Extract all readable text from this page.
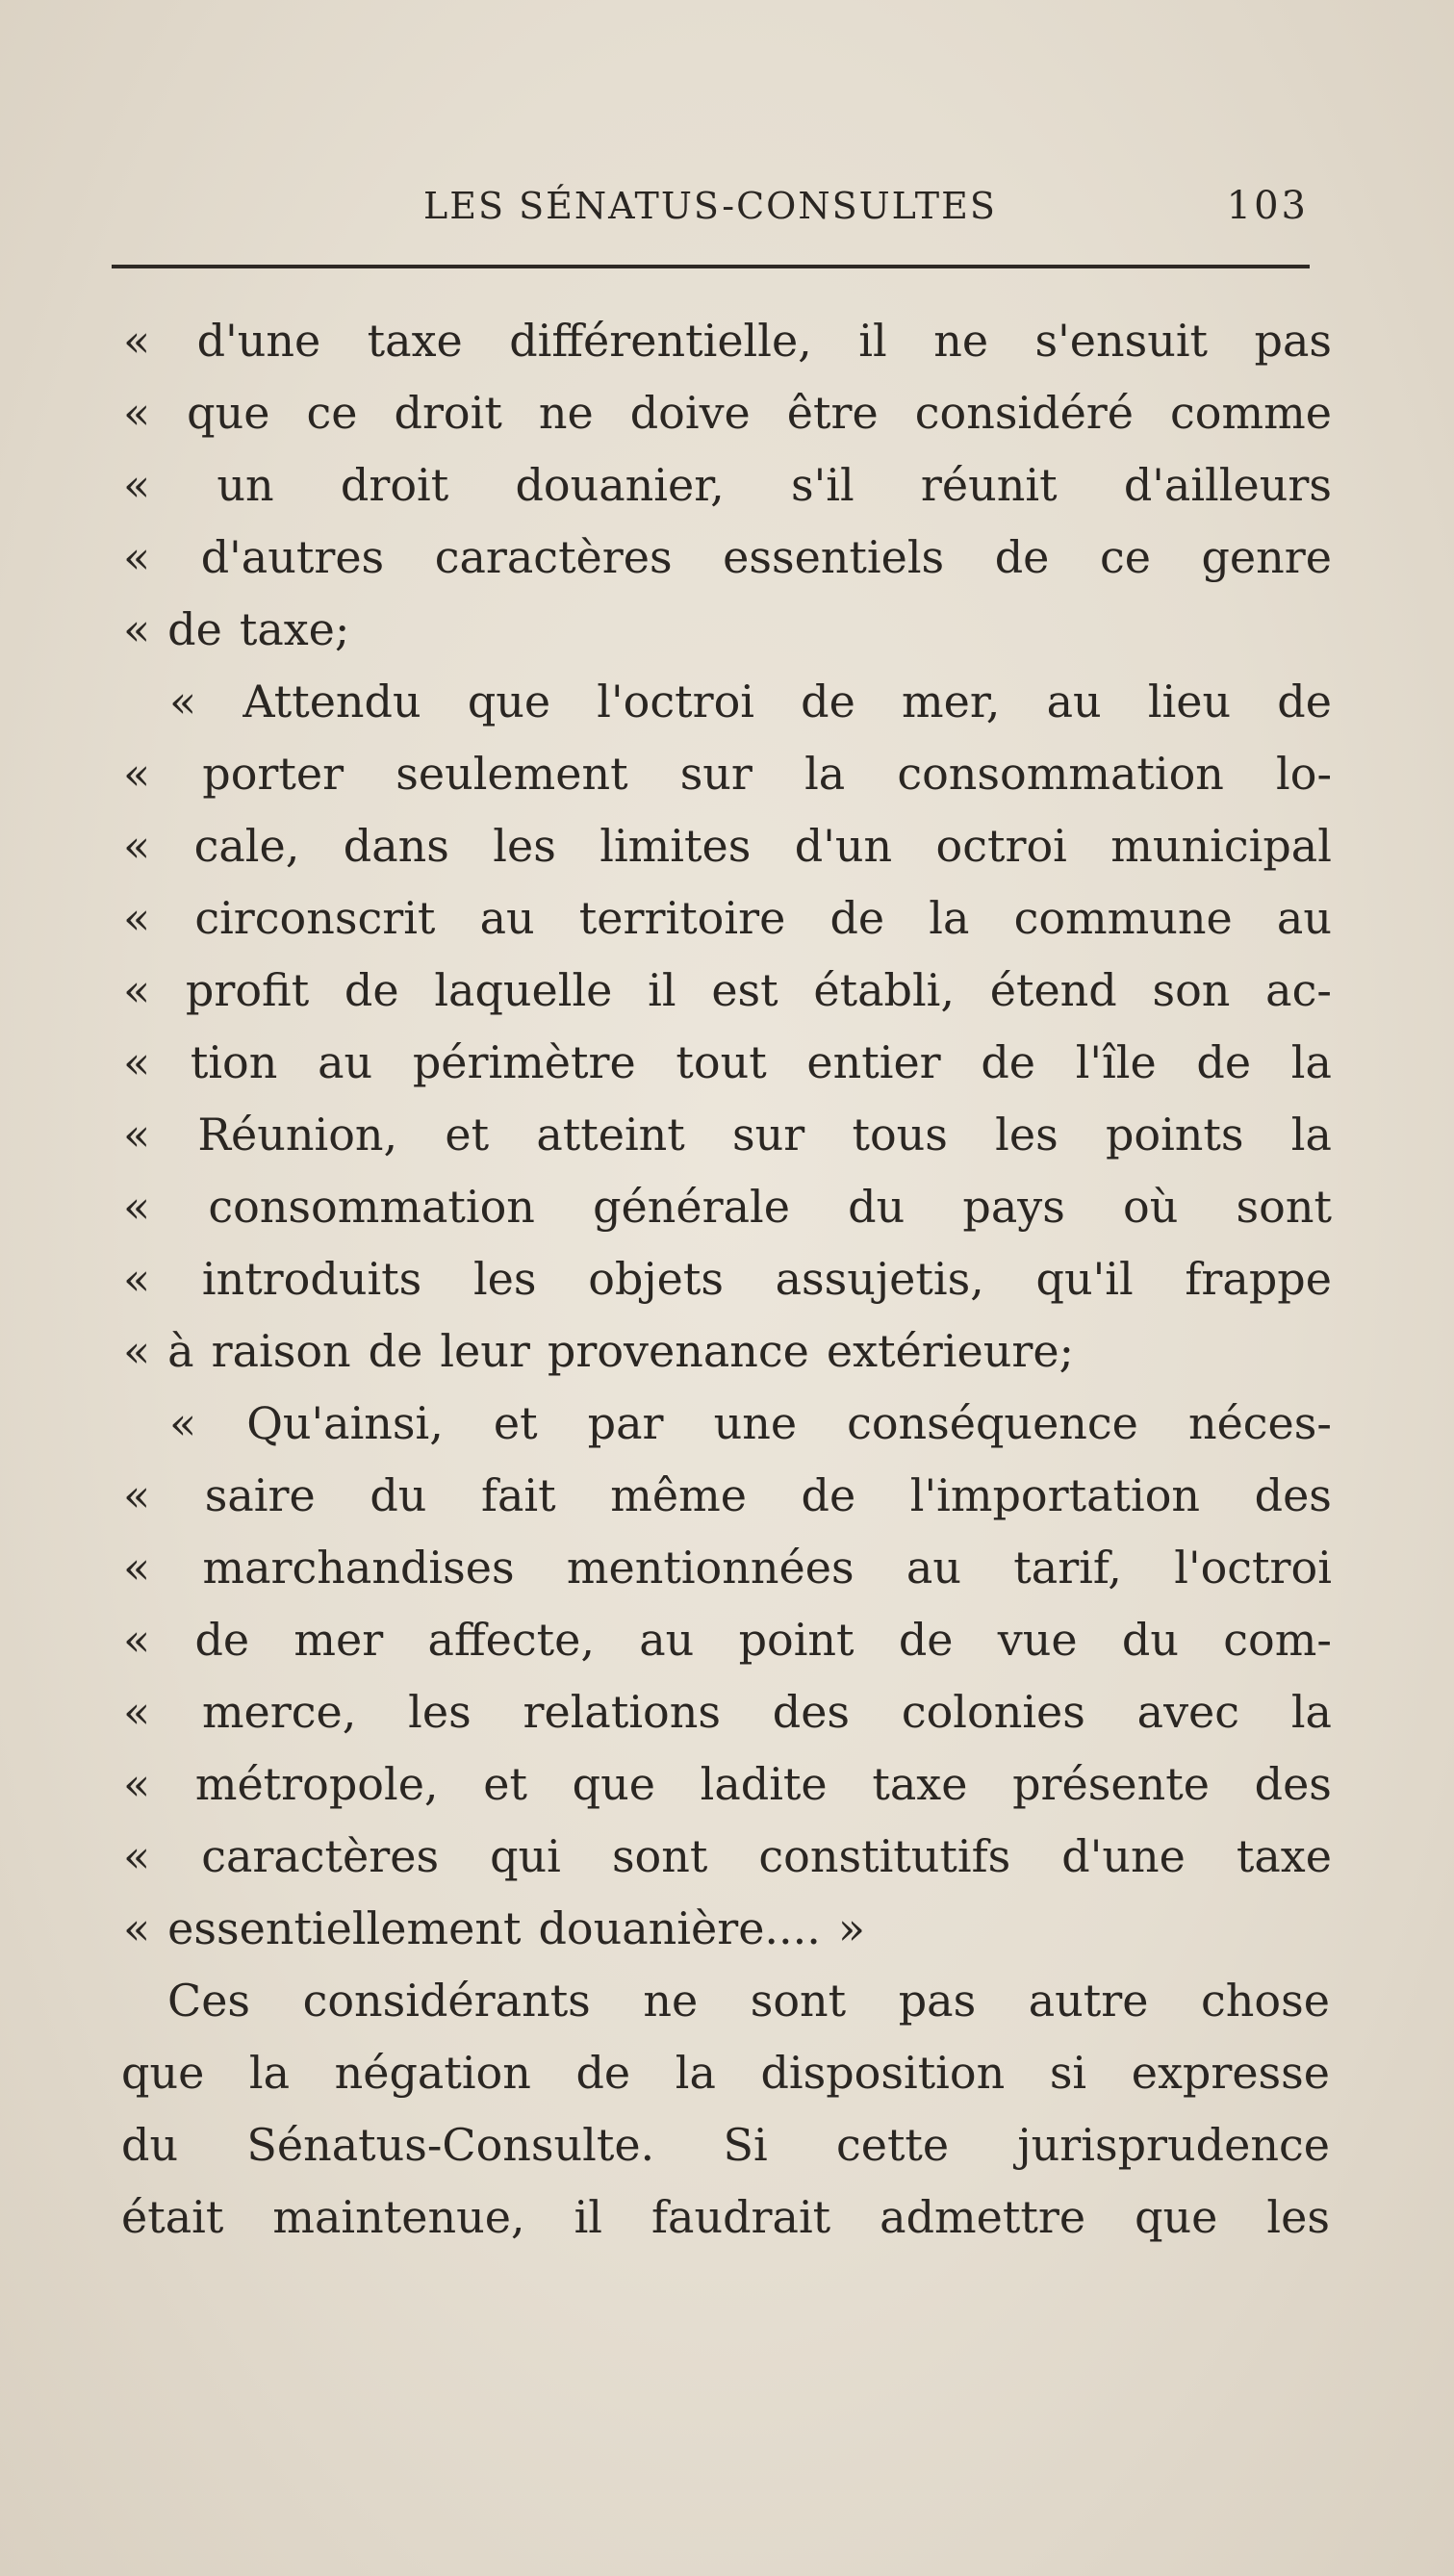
LES SÉNATUS-CONSULTES	103
« d'une taxe différentielle, il ne s'ensuit pas
« que ce droit ne doive être considéré comme
« un droit douanier, s'il réunit d'ailleurs
« d'autres caractères essentiels de ce genre
« de taxe;
« Attendu que l'octroi de mer, au lieu de
« porter seulement sur la consommation lo-
« cale, dans les limites d'un octroi municipal
« circonscrit au territoire de la commune au
« profit de laquelle il est établi, étend son ac-
« tion au périmètre tout entier de l'île de la
« Réunion, et atteint sur tous les points la
« consommation générale du pays où sont
« introduits les objets assujetis, qu'il frappe
« à raison de leur provenance extérieure;
« Qu'ainsi, et par une conséquence néces-
« saire du fait même de l'importation des
« marchandises mentionnées au tarif, l'octroi
« de mer affecte, au point de vue du com-
« merce, les relations des colonies avec la
« métropole, et que ladite taxe présente des
« caractères qui sont constitutifs d'une taxe
« essentiellement douanière.... »
Ces considérants ne sont pas autre chose
que la négation de la disposition si expresse
du Sénatus-Consulte. Si cette jurisprudence
était maintenue, il faudrait admettre que les
